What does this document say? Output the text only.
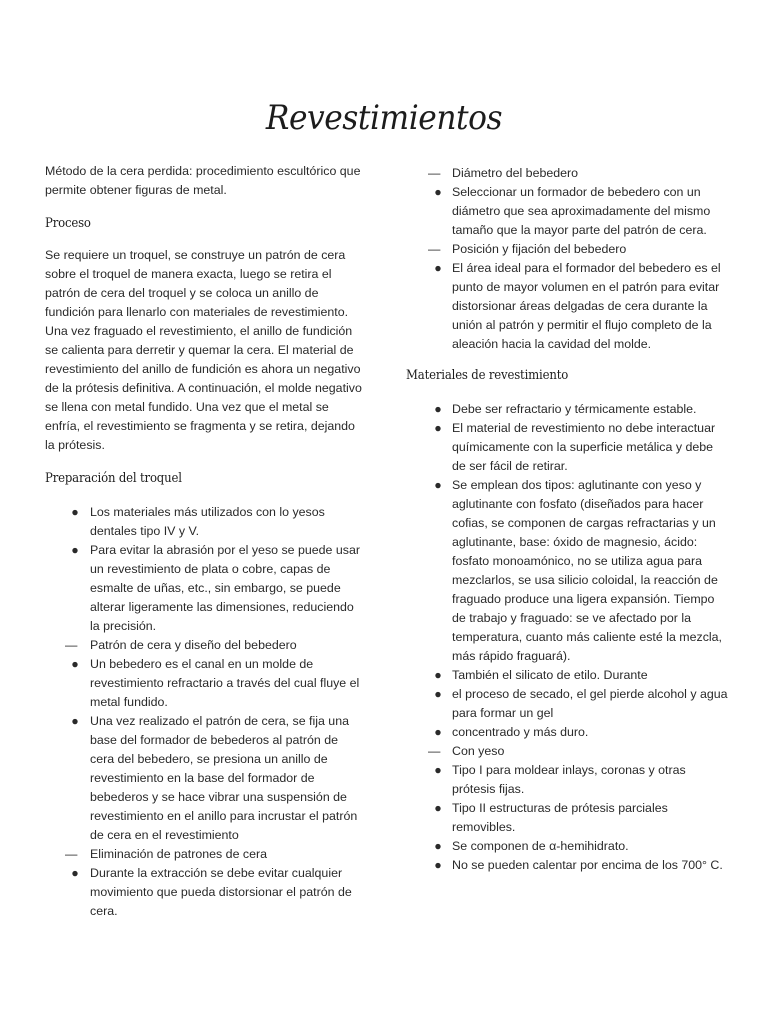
Revestimientos

Método de la cera perdida: procedimiento escultórico que permite obtener figuras de metal.

Proceso

Se requiere un troquel, se construye un patrón de cera sobre el troquel de manera exacta, luego se retira el patrón de cera del troquel y se coloca un anillo de fundición para llenarlo con materiales de revestimiento. Una vez fraguado el revestimiento, el anillo de fundición se calienta para derretir y quemar la cera. El material de revestimiento del anillo de fundición es ahora un negativo de la prótesis definitiva. A continuación, el molde negativo se llena con metal fundido. Una vez que el metal se enfría, el revestimiento se fragmenta y se retira, dejando la prótesis.

Preparación del troquel

● Los materiales más utilizados con lo yesos dentales tipo IV y V.
● Para evitar la abrasión por el yeso se puede usar un revestimiento de plata o cobre, capas de esmalte de uñas, etc., sin embargo, se puede alterar ligeramente las dimensiones, reduciendo la precisión.
—	Patrón de cera y diseño del bebedero
● Un bebedero es el canal en un molde de revestimiento refractario a través del cual fluye el metal fundido.
● Una vez realizado el patrón de cera, se fija una base del formador de bebederos al patrón de cera del bebedero, se presiona un anillo de revestimiento en la base del formador de bebederos y se hace vibrar una suspensión de revestimiento en el anillo para incrustar el patrón de cera en el revestimiento
—	Eliminación de patrones de cera
● Durante la extracción se debe evitar cualquier movimiento que pueda distorsionar el patrón de cera.
— Diámetro del bebedero
● Seleccionar un formador de bebedero con un diámetro que sea aproximadamente del mismo tamaño que la mayor parte del patrón de cera.
— Posición y fijación del bebedero
● El área ideal para el formador del bebedero es el punto de mayor volumen en el patrón para evitar distorsionar áreas delgadas de cera durante la unión al patrón y permitir el flujo completo de la aleación hacia la cavidad del molde.

Materiales de revestimiento

● Debe ser refractario y térmicamente estable.
● El material de revestimiento no debe interactuar químicamente con la superficie metálica y debe de ser fácil de retirar.
● Se emplean dos tipos: aglutinante con yeso y aglutinante con fosfato (diseñados para hacer cofias, se componen de cargas refractarias y un aglutinante, base: óxido de magnesio, ácido: fosfato monoamónico, no se utiliza agua para mezclarlos, se usa silicio coloidal, la reacción de fraguado produce una ligera expansión. Tiempo de trabajo y fraguado: se ve afectado por la temperatura, cuanto más caliente esté la mezcla, más rápido fraguará).
● También el silicato de etilo. Durante
● el proceso de secado, el gel pierde alcohol y agua para formar un gel
● concentrado y más duro.
— Con yeso
● Tipo I para moldear inlays, coronas y otras prótesis fijas.
● Tipo II estructuras de prótesis parciales removibles.
● Se componen de α-hemihidrato.
● No se pueden calentar por encima de los 700° C.
